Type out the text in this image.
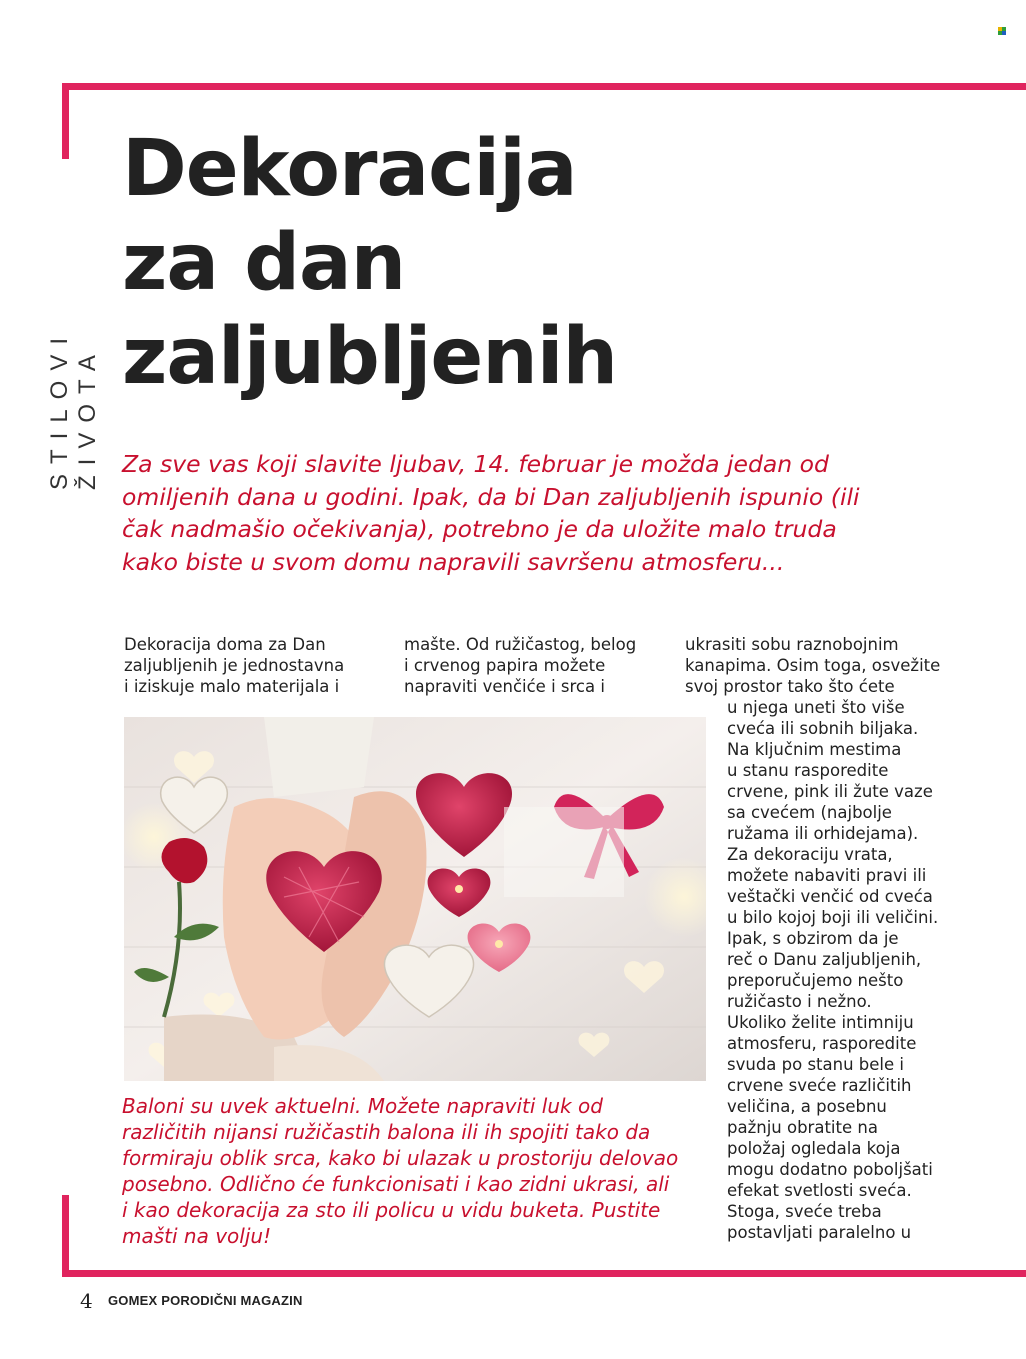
STILOVI ŽIVOTA
Dekoracija
za dan
zaljubljenih

Za sve vas koji slavite ljubav, 14. februar je možda jedan od omiljenih dana u godini. Ipak, da bi Dan zaljubljenih ispunio (ili čak nadmašio očekivanja), potrebno je da uložite malo truda kako biste u svom domu napravili savršenu atmosferu...

Dekoracija doma za Dan
zaljubljenih je jednostavna
i iziskuje malo materijala i

mašte. Od ružičastog, belog
i crvenog papira možete
napraviti venčiće i srca i

ukrasiti sobu raznobojnim
kanapima. Osim toga, osvežite
svoj prostor tako što ćete

u njega uneti što više
cveća ili sobnih biljaka.
Na ključnim mestima
u stanu rasporedite
crvene, pink ili žute vaze
sa cvećem (najbolje
ružama ili orhidejama).
Za dekoraciju vrata,
možete nabaviti pravi ili
veštački venčić od cveća
u bilo kojoj boji ili veličini.
Ipak, s obzirom da je
reč o Danu zaljubljenih,
preporučujemo nešto
ružičasto i nežno.
Ukoliko želite intimniju
atmosferu, rasporedite
svuda po stanu bele i
crvene sveće različitih
veličina, a posebnu
pažnju obratite na
položaj ogledala koja
mogu dodatno poboljšati
efekat svetlosti sveća.
Stoga, sveće treba
postavljati paralelno u

Baloni su uvek aktuelni. Možete napraviti luk od
različitih nijansi ružičastih balona ili ih spojiti tako da
formiraju oblik srca, kako bi ulazak u prostoriju delovao
posebno. Odlično će funkcionisati i kao zidni ukrasi, ali
i kao dekoracija za sto ili policu u vidu buketa. Pustite
mašti na volju!

4 GOMEX PORODIČNI MAGAZIN
